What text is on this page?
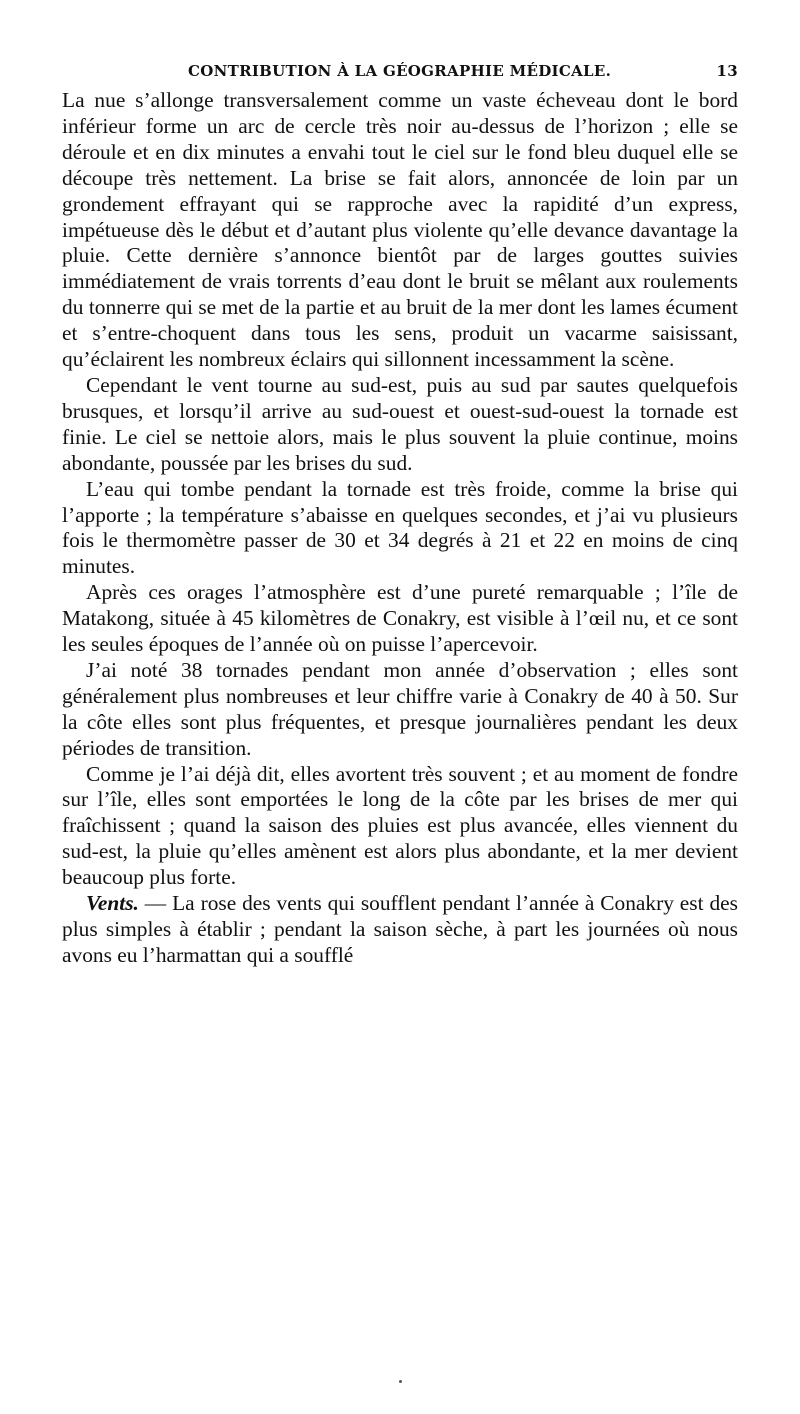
CONTRIBUTION À LA GÉOGRAPHIE MÉDICALE.	13

La nue s’allonge transversalement comme un vaste écheveau dont le bord inférieur forme un arc de cercle très noir au-dessus de l’horizon ; elle se déroule et en dix minutes a envahi tout le ciel sur le fond bleu duquel elle se découpe très nettement. La brise se fait alors, annoncée de loin par un grondement effrayant qui se rapproche avec la rapidité d’un express, impétueuse dès le début et d’autant plus violente qu’elle devance davantage la pluie. Cette dernière s’annonce bientôt par de larges gouttes suivies immédiatement de vrais torrents d’eau dont le bruit se mêlant aux roulements du tonnerre qui se met de la partie et au bruit de la mer dont les lames écument et s’entre-choquent dans tous les sens, produit un vacarme saisissant, qu’éclairent les nombreux éclairs qui sillonnent incessamment la scène.

Cependant le vent tourne au sud-est, puis au sud par sautes quelquefois brusques, et lorsqu’il arrive au sud-ouest et ouest-sud-ouest la tornade est finie. Le ciel se nettoie alors, mais le plus souvent la pluie continue, moins abondante, poussée par les brises du sud.

L’eau qui tombe pendant la tornade est très froide, comme la brise qui l’apporte ; la température s’abaisse en quelques secondes, et j’ai vu plusieurs fois le thermomètre passer de 30 et 34 degrés à 21 et 22 en moins de cinq minutes.

Après ces orages l’atmosphère est d’une pureté remarquable ; l’île de Matakong, située à 45 kilomètres de Conakry, est visible à l’œil nu, et ce sont les seules époques de l’année où on puisse l’apercevoir.

J’ai noté 38 tornades pendant mon année d’observation ; elles sont généralement plus nombreuses et leur chiffre varie à Conakry de 40 à 50. Sur la côte elles sont plus fréquentes, et presque journalières pendant les deux périodes de transition.

Comme je l’ai déjà dit, elles avortent très souvent ; et au moment de fondre sur l’île, elles sont emportées le long de la côte par les brises de mer qui fraîchissent ; quand la saison des pluies est plus avancée, elles viennent du sud-est, la pluie qu’elles amènent est alors plus abondante, et la mer devient beaucoup plus forte.

Vents. — La rose des vents qui soufflent pendant l’année à Conakry est des plus simples à établir ; pendant la saison sèche, à part les journées où nous avons eu l’harmattan qui a soufflé
